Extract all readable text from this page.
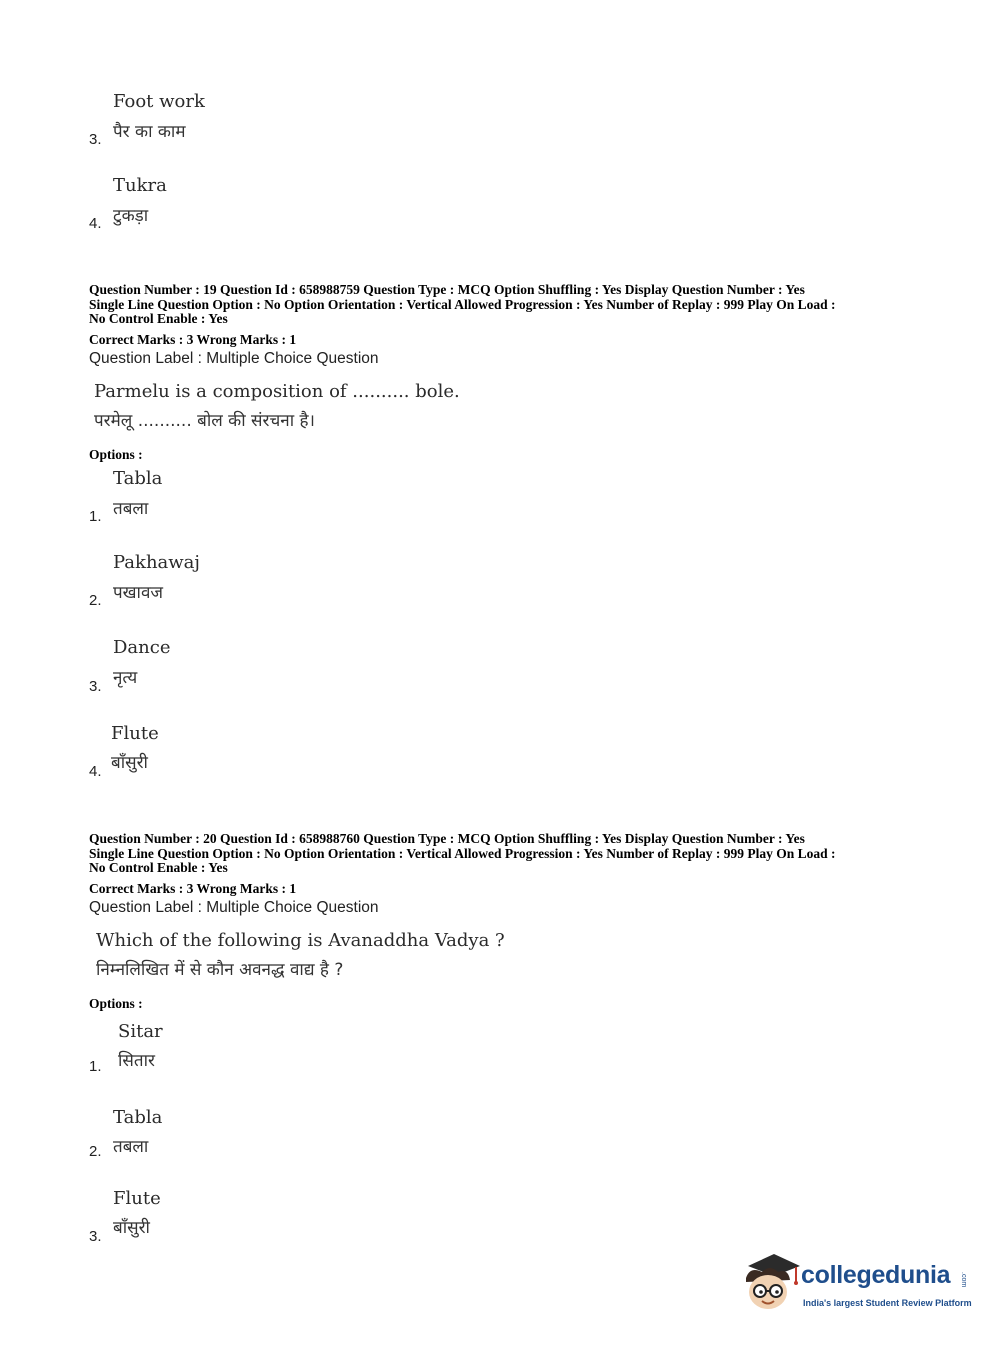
Foot work
पैर का काम
3.
Tukra
टुकड़ा
4.
Question Number : 19 Question Id : 658988759 Question Type : MCQ Option Shuffling : Yes Display Question Number : Yes
Single Line Question Option : No Option Orientation : Vertical Allowed Progression : Yes Number of Replay : 999 Play On Load :
No Control Enable : Yes
Correct Marks : 3 Wrong Marks : 1
Question Label : Multiple Choice Question
Parmelu is a composition of .......... bole.
परमेलू .......... बोल की संरचना है।
Options :
Tabla
तबला
1.
Pakhawaj
पखावज
2.
Dance
नृत्य
3.
Flute
बाँसुरी
4.
Question Number : 20 Question Id : 658988760 Question Type : MCQ Option Shuffling : Yes Display Question Number : Yes
Single Line Question Option : No Option Orientation : Vertical Allowed Progression : Yes Number of Replay : 999 Play On Load :
No Control Enable : Yes
Correct Marks : 3 Wrong Marks : 1
Question Label : Multiple Choice Question
Which of the following is Avanaddha Vadya ?
निम्नलिखित में से कौन अवनद्ध वाद्य है ?
Options :
Sitar
सितार
1.
Tabla
तबला
2.
Flute
बाँसुरी
3.
collegedunia .com
India's largest Student Review Platform
